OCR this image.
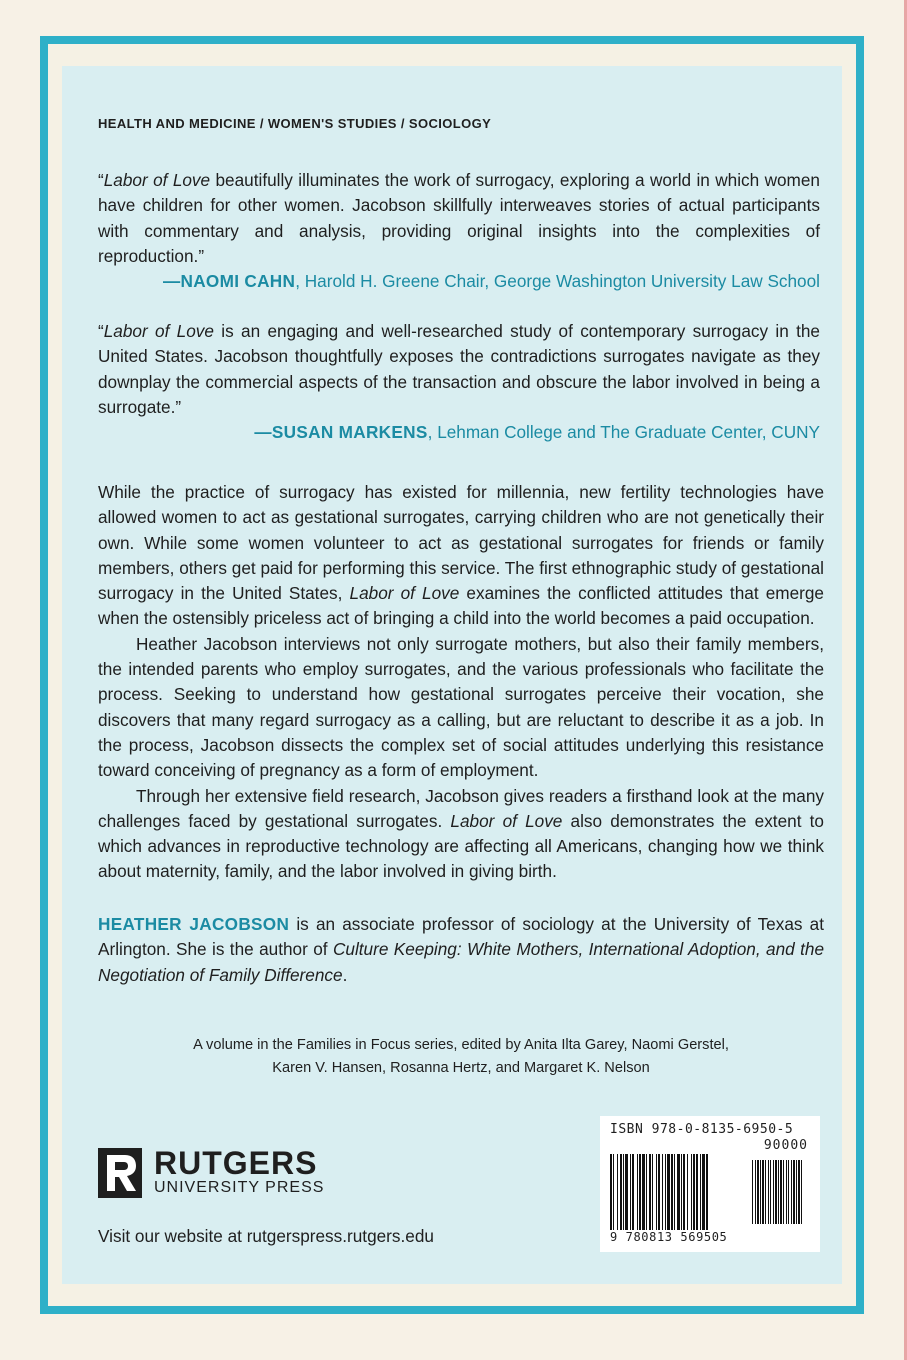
HEALTH AND MEDICINE / WOMEN'S STUDIES / SOCIOLOGY
“Labor of Love beautifully illuminates the work of surrogacy, exploring a world in which women have children for other women. Jacobson skillfully interweaves stories of actual participants with commentary and analysis, providing original insights into the complexities of reproduction.”
—NAOMI CAHN, Harold H. Greene Chair, George Washington University Law School
“Labor of Love is an engaging and well-researched study of contemporary surrogacy in the United States. Jacobson thoughtfully exposes the contradictions surrogates navigate as they downplay the commercial aspects of the transaction and obscure the labor involved in being a surrogate.”
—SUSAN MARKENS, Lehman College and The Graduate Center, CUNY

While the practice of surrogacy has existed for millennia, new fertility technologies have allowed women to act as gestational surrogates, carrying children who are not genetically their own. While some women volunteer to act as gestational surrogates for friends or family members, others get paid for performing this service. The first ethnographic study of gestational surrogacy in the United States, Labor of Love examines the conflicted attitudes that emerge when the ostensibly priceless act of bringing a child into the world becomes a paid occupation.

Heather Jacobson interviews not only surrogate mothers, but also their family members, the intended parents who employ surrogates, and the various professionals who facilitate the process. Seeking to understand how gestational surrogates perceive their vocation, she discovers that many regard surrogacy as a calling, but are reluctant to describe it as a job. In the process, Jacobson dissects the complex set of social attitudes underlying this resistance toward conceiving of pregnancy as a form of employment.

Through her extensive field research, Jacobson gives readers a firsthand look at the many challenges faced by gestational surrogates. Labor of Love also demonstrates the extent to which advances in reproductive technology are affecting all Americans, changing how we think about maternity, family, and the labor involved in giving birth.

HEATHER JACOBSON is an associate professor of sociology at the University of Texas at Arlington. She is the author of Culture Keeping: White Mothers, International Adoption, and the Negotiation of Family Difference.
A volume in the Families in Focus series, edited by Anita Ilta Garey, Naomi Gerstel,
Karen V. Hansen, Rosanna Hertz, and Margaret K. Nelson
RUTGERS
UNIVERSITY PRESS
Visit our website at rutgerspress.rutgers.edu
ISBN 978-0-8135-6950-5
90000
9 780813 569505
